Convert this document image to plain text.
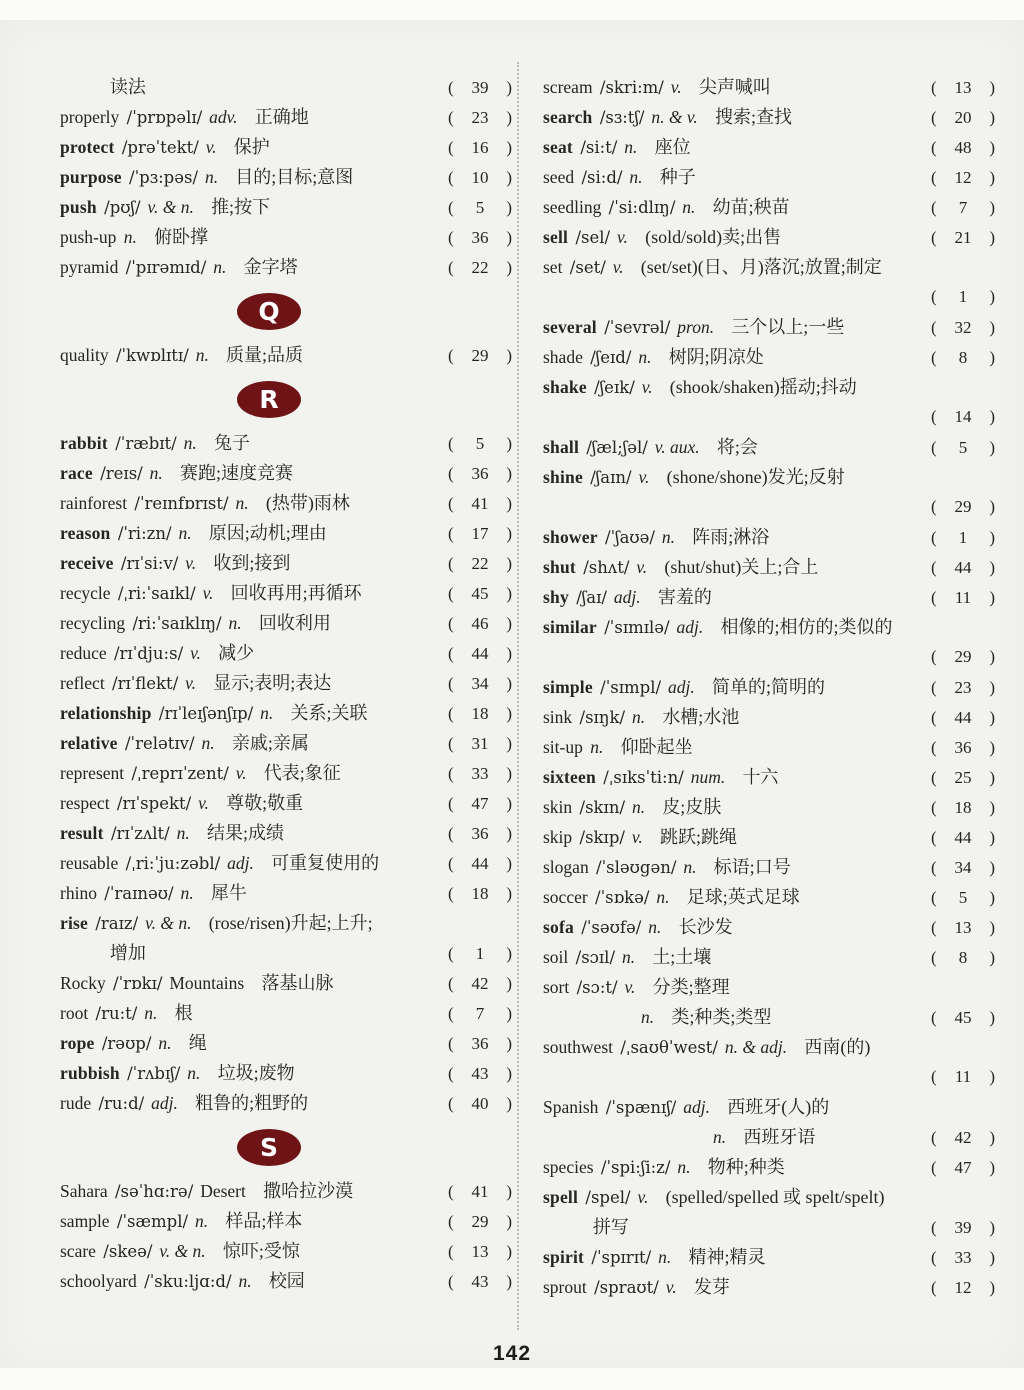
读法	( 39
)
properly /ˈprɒpəlɪ/ adv. 正确地	( 23
)
protect /prəˈtekt/ v. 保护	( 16
)
purpose /ˈpɜ:pəs/ n. 目的;目标;意图	( 10
)
push /pʊʃ/ v. & n. 推;按下	( 5
)
push-up n. 俯卧撑	( 36
)
pyramid /ˈpɪrəmɪd/ n. 金字塔	( 22
)
Q
quality /ˈkwɒlɪtɪ/ n. 质量;品质	( 29
)
R
rabbit /ˈræbɪt/ n. 兔子	( 5
)
race /reɪs/ n. 赛跑;速度竞赛	( 36
)
rainforest /ˈreɪnfɒrɪst/ n. (热带)雨林	( 41
)
reason /ˈri:zn/ n. 原因;动机;理由	( 17
)
receive /rɪˈsi:v/ v. 收到;接到	( 22
)
recycle /ˌri:ˈsaɪkl/ v. 回收再用;再循环	( 45
)
recycling /ri:ˈsaɪklɪŋ/ n. 回收利用	( 46
)
reduce /rɪˈdju:s/ v. 减少	( 44
)
reflect /rɪˈflekt/ v. 显示;表明;表达	( 34
)
relationship /rɪˈleɪʃənʃɪp/ n. 关系;关联	( 18
)
relative /ˈrelətɪv/ n. 亲戚;亲属	( 31
)
represent /ˌreprɪˈzent/ v. 代表;象征	( 33
)
respect /rɪˈspekt/ v. 尊敬;敬重	( 47
)
result /rɪˈzʌlt/ n. 结果;成绩	( 36
)
reusable /ˌri:ˈju:zəbl/ adj. 可重复使用的	( 44
)
rhino /ˈraɪnəʊ/ n. 犀牛	( 18
)
rise /raɪz/ v. & n. (rose/risen)升起;上升;
增加	( 1
)
Rocky /ˈrɒkɪ/ Mountains 落基山脉	( 42
)
root /ru:t/ n. 根	( 7
)
rope /rəʊp/ n. 绳	( 36
)
rubbish /ˈrʌbɪʃ/ n. 垃圾;废物	( 43
)
rude /ru:d/ adj. 粗鲁的;粗野的	( 40
)
S
Sahara /səˈhɑ:rə/ Desert 撒哈拉沙漠	( 41
)
sample /ˈsæmpl/ n. 样品;样本	( 29
)
scare /skeə/ v. & n. 惊吓;受惊	( 13
)
schoolyard /ˈsku:ljɑ:d/ n. 校园	( 43
)
scream /skri:m/ v. 尖声喊叫	( 13
)
search /sɜ:tʃ/ n. & v. 搜索;查找	( 20
)
seat /si:t/ n. 座位	( 48
)
seed /si:d/ n. 种子	( 12
)
seedling /ˈsi:dlɪŋ/ n. 幼苗;秧苗	( 7
)
sell /sel/ v. (sold/sold)卖;出售	( 21
)
set /set/ v. (set/set)(日、月)落沉;放置;制定
( 1
)
several /ˈsevrəl/ pron. 三个以上;一些	( 32
)
shade /ʃeɪd/ n. 树阴;阴凉处	( 8
)
shake /ʃeɪk/ v. (shook/shaken)摇动;抖动
( 14
)
shall /ʃæl;ʃəl/ v. aux. 将;会	( 5
)
shine /ʃaɪn/ v. (shone/shone)发光;反射
( 29
)
shower /ˈʃaʊə/ n. 阵雨;淋浴	( 1
)
shut /shʌt/ v. (shut/shut)关上;合上	( 44
)
shy /ʃaɪ/ adj. 害羞的	( 11
)
similar /ˈsɪmɪlə/ adj. 相像的;相仿的;类似的
( 29
)
simple /ˈsɪmpl/ adj. 简单的;简明的	( 23
)
sink /sɪŋk/ n. 水槽;水池	( 44
)
sit-up n. 仰卧起坐	( 36
)
sixteen /ˌsɪksˈti:n/ num. 十六	( 25
)
skin /skɪn/ n. 皮;皮肤	( 18
)
skip /skɪp/ v. 跳跃;跳绳	( 44
)
slogan /ˈsləʊgən/ n. 标语;口号	( 34
)
soccer /ˈsɒkə/ n. 足球;英式足球	( 5
)
sofa /ˈsəʊfə/ n. 长沙发	( 13
)
soil /sɔɪl/ n. 土;土壤	( 8
)
sort /sɔ:t/ v. 分类;整理
n. 类;种类;类型	( 45
)
southwest /ˌsaʊθˈwest/ n. & adj. 西南(的)
( 11
)
Spanish /ˈspænɪʃ/ adj. 西班牙(人)的
n. 西班牙语	( 42
)
species /ˈspi:ʃi:z/ n. 物种;种类	( 47
)
spell /spel/ v. (spelled/spelled 或 spelt/spelt)
拼写	( 39
)
spirit /ˈspɪrɪt/ n. 精神;精灵	( 33
)
sprout /spraʊt/ v. 发芽	( 12
)
142
